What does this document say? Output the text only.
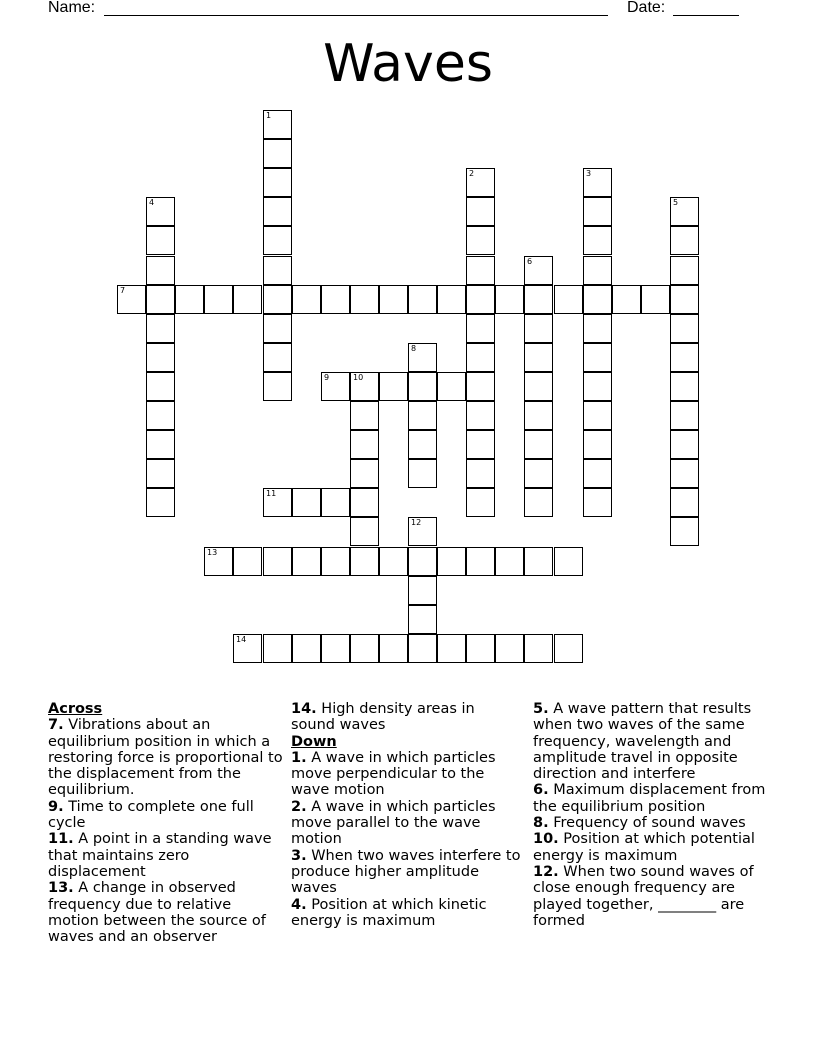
Name:	Date:
Waves
1
2	3
4	5
6
7
8
9	10
11
12
13
14
Across
7. Vibrations about an equilibrium position in which a restoring force is proportional to the displacement from the equilibrium.
9. Time to complete one full cycle
11. A point in a standing wave that maintains zero displacement
13. A change in observed frequency due to relative motion between the source of waves and an observer
14. High density areas in sound waves
Down
1. A wave in which particles move perpendicular to the wave motion
2. A wave in which particles move parallel to the wave motion
3. When two waves interfere to produce higher amplitude waves
4. Position at which kinetic energy is maximum
5. A wave pattern that results when two waves of the same frequency, wavelength and amplitude travel in opposite direction and interfere
6. Maximum displacement from the equilibrium position
8. Frequency of sound waves
10. Position at which potential energy is maximum
12. When two sound waves of close enough frequency are played together, ________ are formed
